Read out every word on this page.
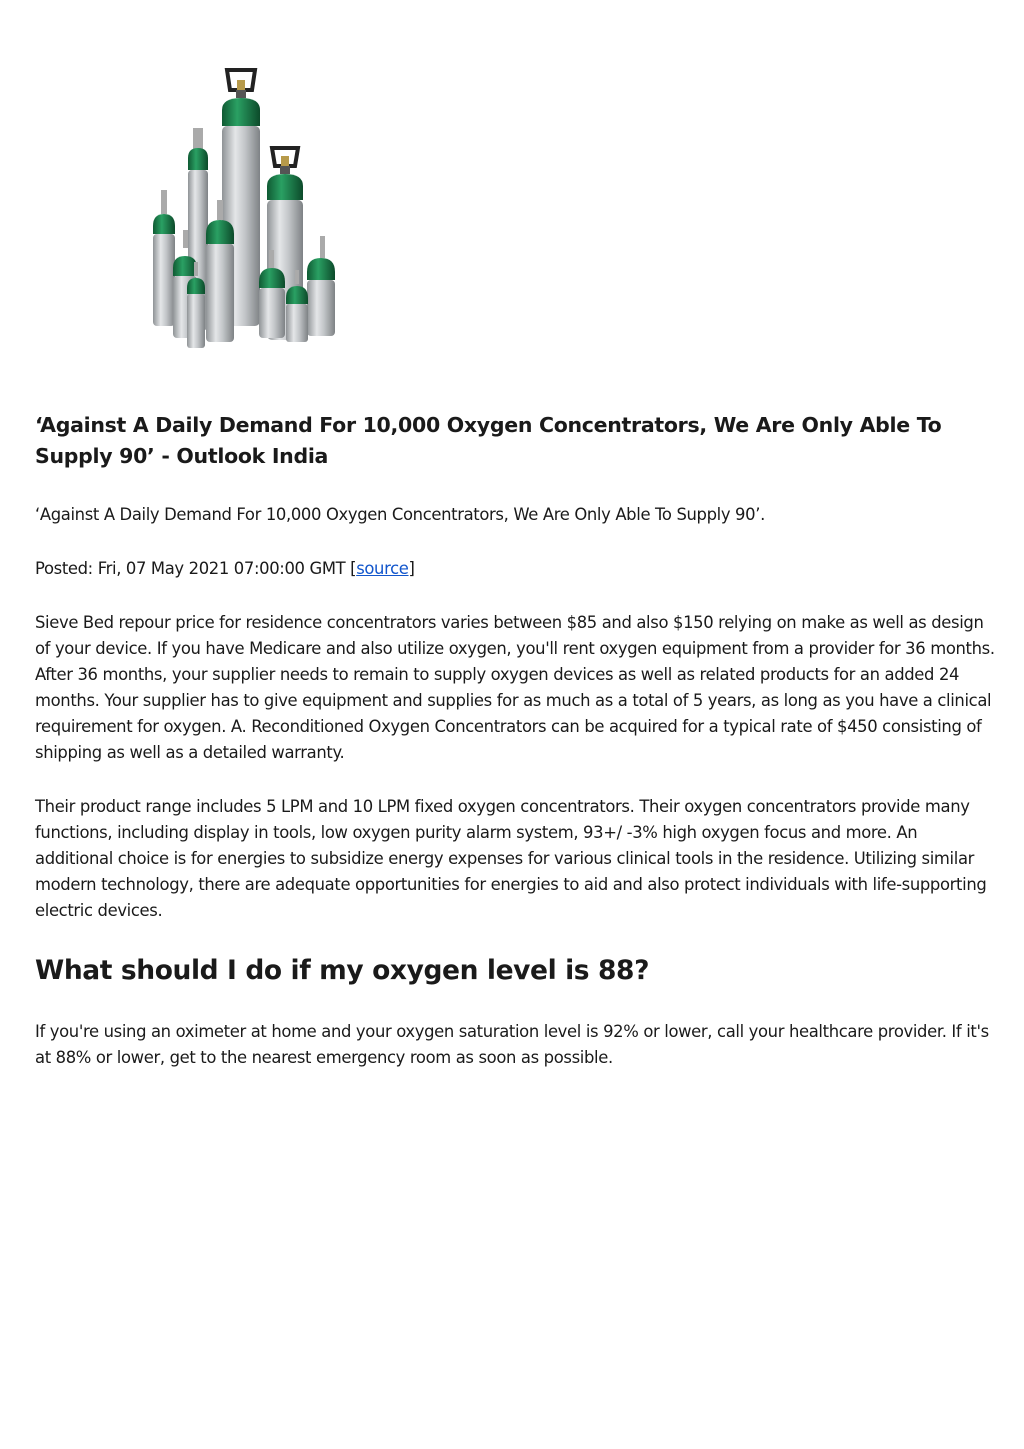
‘Against A Daily Demand For 10,000 Oxygen Concentrators, We Are Only Able To Supply 90’ - Outlook India

‘Against A Daily Demand For 10,000 Oxygen Concentrators, We Are Only Able To Supply 90’.

Posted: Fri, 07 May 2021 07:00:00 GMT [source]

Sieve Bed repour price for residence concentrators varies between $85 and also $150 relying on make as well as design of your device. If you have Medicare and also utilize oxygen, you'll rent oxygen equipment from a provider for 36 months. After 36 months, your supplier needs to remain to supply oxygen devices as well as related products for an added 24 months. Your supplier has to give equipment and supplies for as much as a total of 5 years, as long as you have a clinical requirement for oxygen. A. Reconditioned Oxygen Concentrators can be acquired for a typical rate of $450 consisting of shipping as well as a detailed warranty.

Their product range includes 5 LPM and 10 LPM fixed oxygen concentrators. Their oxygen concentrators provide many functions, including display in tools, low oxygen purity alarm system, 93+/ -3% high oxygen focus and more. An additional choice is for energies to subsidize energy expenses for various clinical tools in the residence. Utilizing similar modern technology, there are adequate opportunities for energies to aid and also protect individuals with life-supporting electric devices.

What should I do if my oxygen level is 88?

If you're using an oximeter at home and your oxygen saturation level is 92% or lower, call your healthcare provider. If it's at 88% or lower, get to the nearest emergency room as soon as possible.
